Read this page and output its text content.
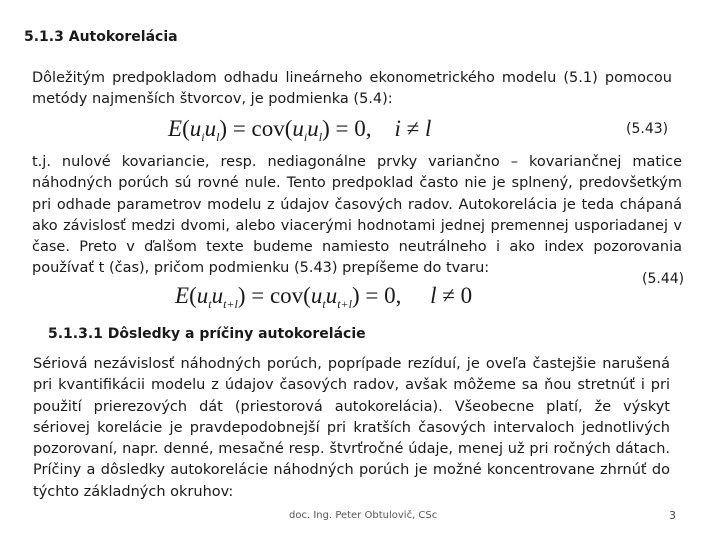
5.1.3 Autokorelácia
Dôležitým predpokladom odhadu lineárneho ekonometrického modelu (5.1) pomocou metódy najmenších štvorcov, je podmienka (5.4):
$E(u_iu_l) = cov(u_iu_l) = 0$,    i ≠ l	(5.43)
t.j. nulové kovariancie, resp. nediagonálne prvky variančno – kovariančnej matice náhodných porúch sú rovné nule. Tento predpoklad často nie je splnený, predovšetkým pri odhade parametrov modelu z údajov časových radov. Autokorelácia je teda chápaná ako závislosť medzi dvomi, alebo viacerými hodnotami jednej premennej usporiadanej v čase. Preto v ďalšom texte budeme namiesto neutrálneho i ako index pozorovania používať t (čas), pričom podmienku (5.43) prepíšeme do tvaru:
(5.44)
$E(u_tu_{t+l}) = cov(u_tu_{t+l}) = 0$,     l ≠ 0
5.1.3.1 Dôsledky a príčiny autokorelácie
Sériová nezávislosť náhodných porúch, poprípade rezíduí, je oveľa častejšie narušená pri kvantifikácii modelu z údajov časových radov, avšak môžeme sa ňou stretnúť i pri použití prierezových dát (priestorová autokorelácia). Všeobecne platí, že výskyt sériovej korelácie je pravdepodobnejší pri kratších časových intervaloch jednotlivých pozorovaní, napr. denné, mesačné resp. štvrťročné údaje, menej už pri ročných dátach. Príčiny a dôsledky autokorelácie náhodných porúch je možné koncentrovane zhrnúť do týchto základných okruhov:
doc. Ing. Peter Obtulovič, CSc	3
